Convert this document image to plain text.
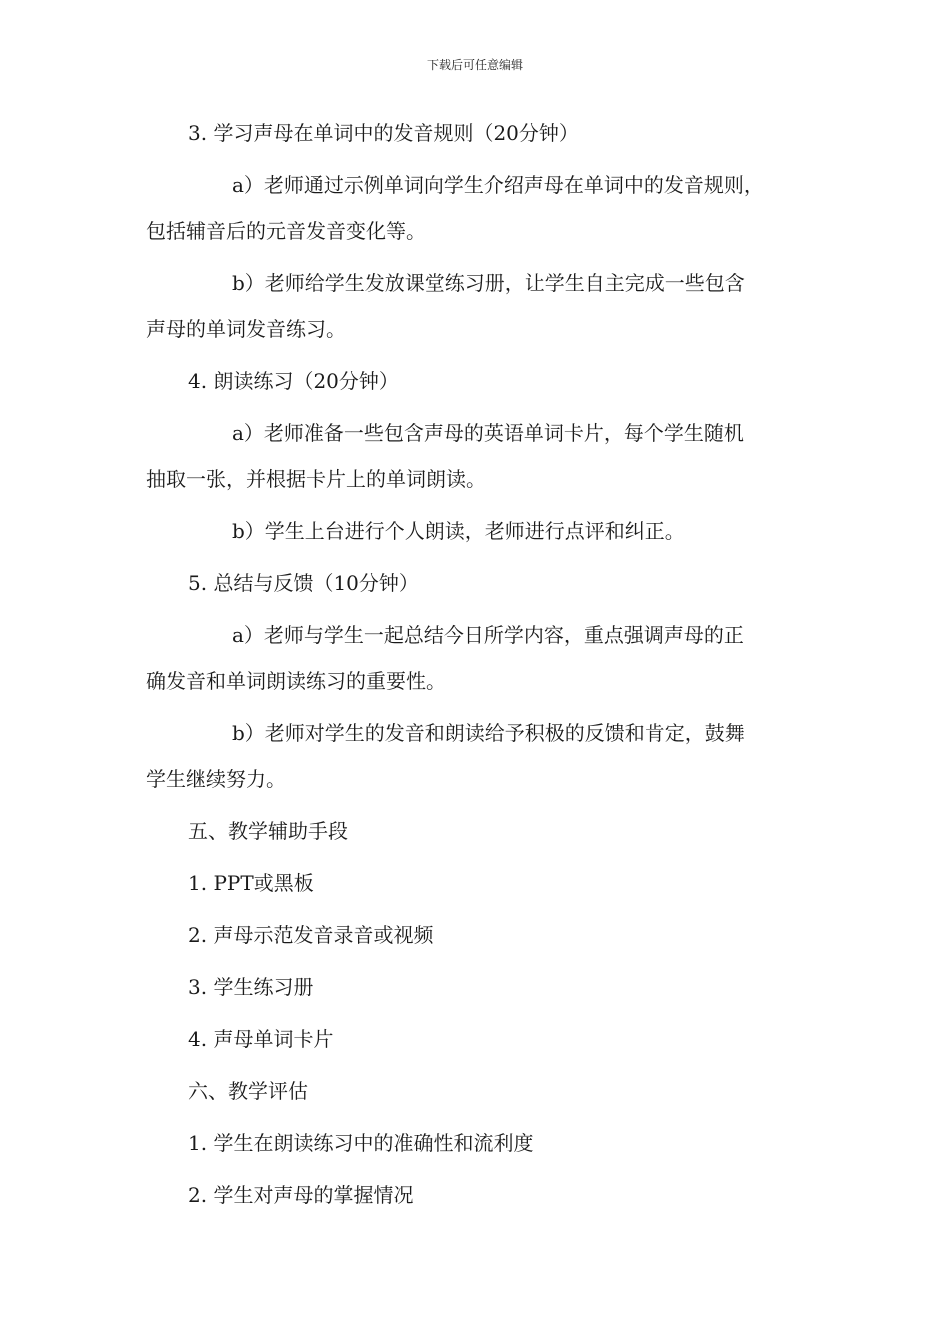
下载后可任意编辑
3. 学习声母在单词中的发音规则（20分钟）
a）老师通过示例单词向学生介绍声母在单词中的发音规则，
包括辅音后的元音发音变化等。
b）老师给学生发放课堂练习册，让学生自主完成一些包含
声母的单词发音练习。
4. 朗读练习（20分钟）
a）老师准备一些包含声母的英语单词卡片，每个学生随机
抽取一张，并根据卡片上的单词朗读。
b）学生上台进行个人朗读，老师进行点评和纠正。
5. 总结与反馈（10分钟）
a）老师与学生一起总结今日所学内容，重点强调声母的正
确发音和单词朗读练习的重要性。
b）老师对学生的发音和朗读给予积极的反馈和肯定，鼓舞
学生继续努力。
五、教学辅助手段
1. PPT或黑板
2. 声母示范发音录音或视频
3. 学生练习册
4. 声母单词卡片
六、教学评估
1. 学生在朗读练习中的准确性和流利度
2. 学生对声母的掌握情况
